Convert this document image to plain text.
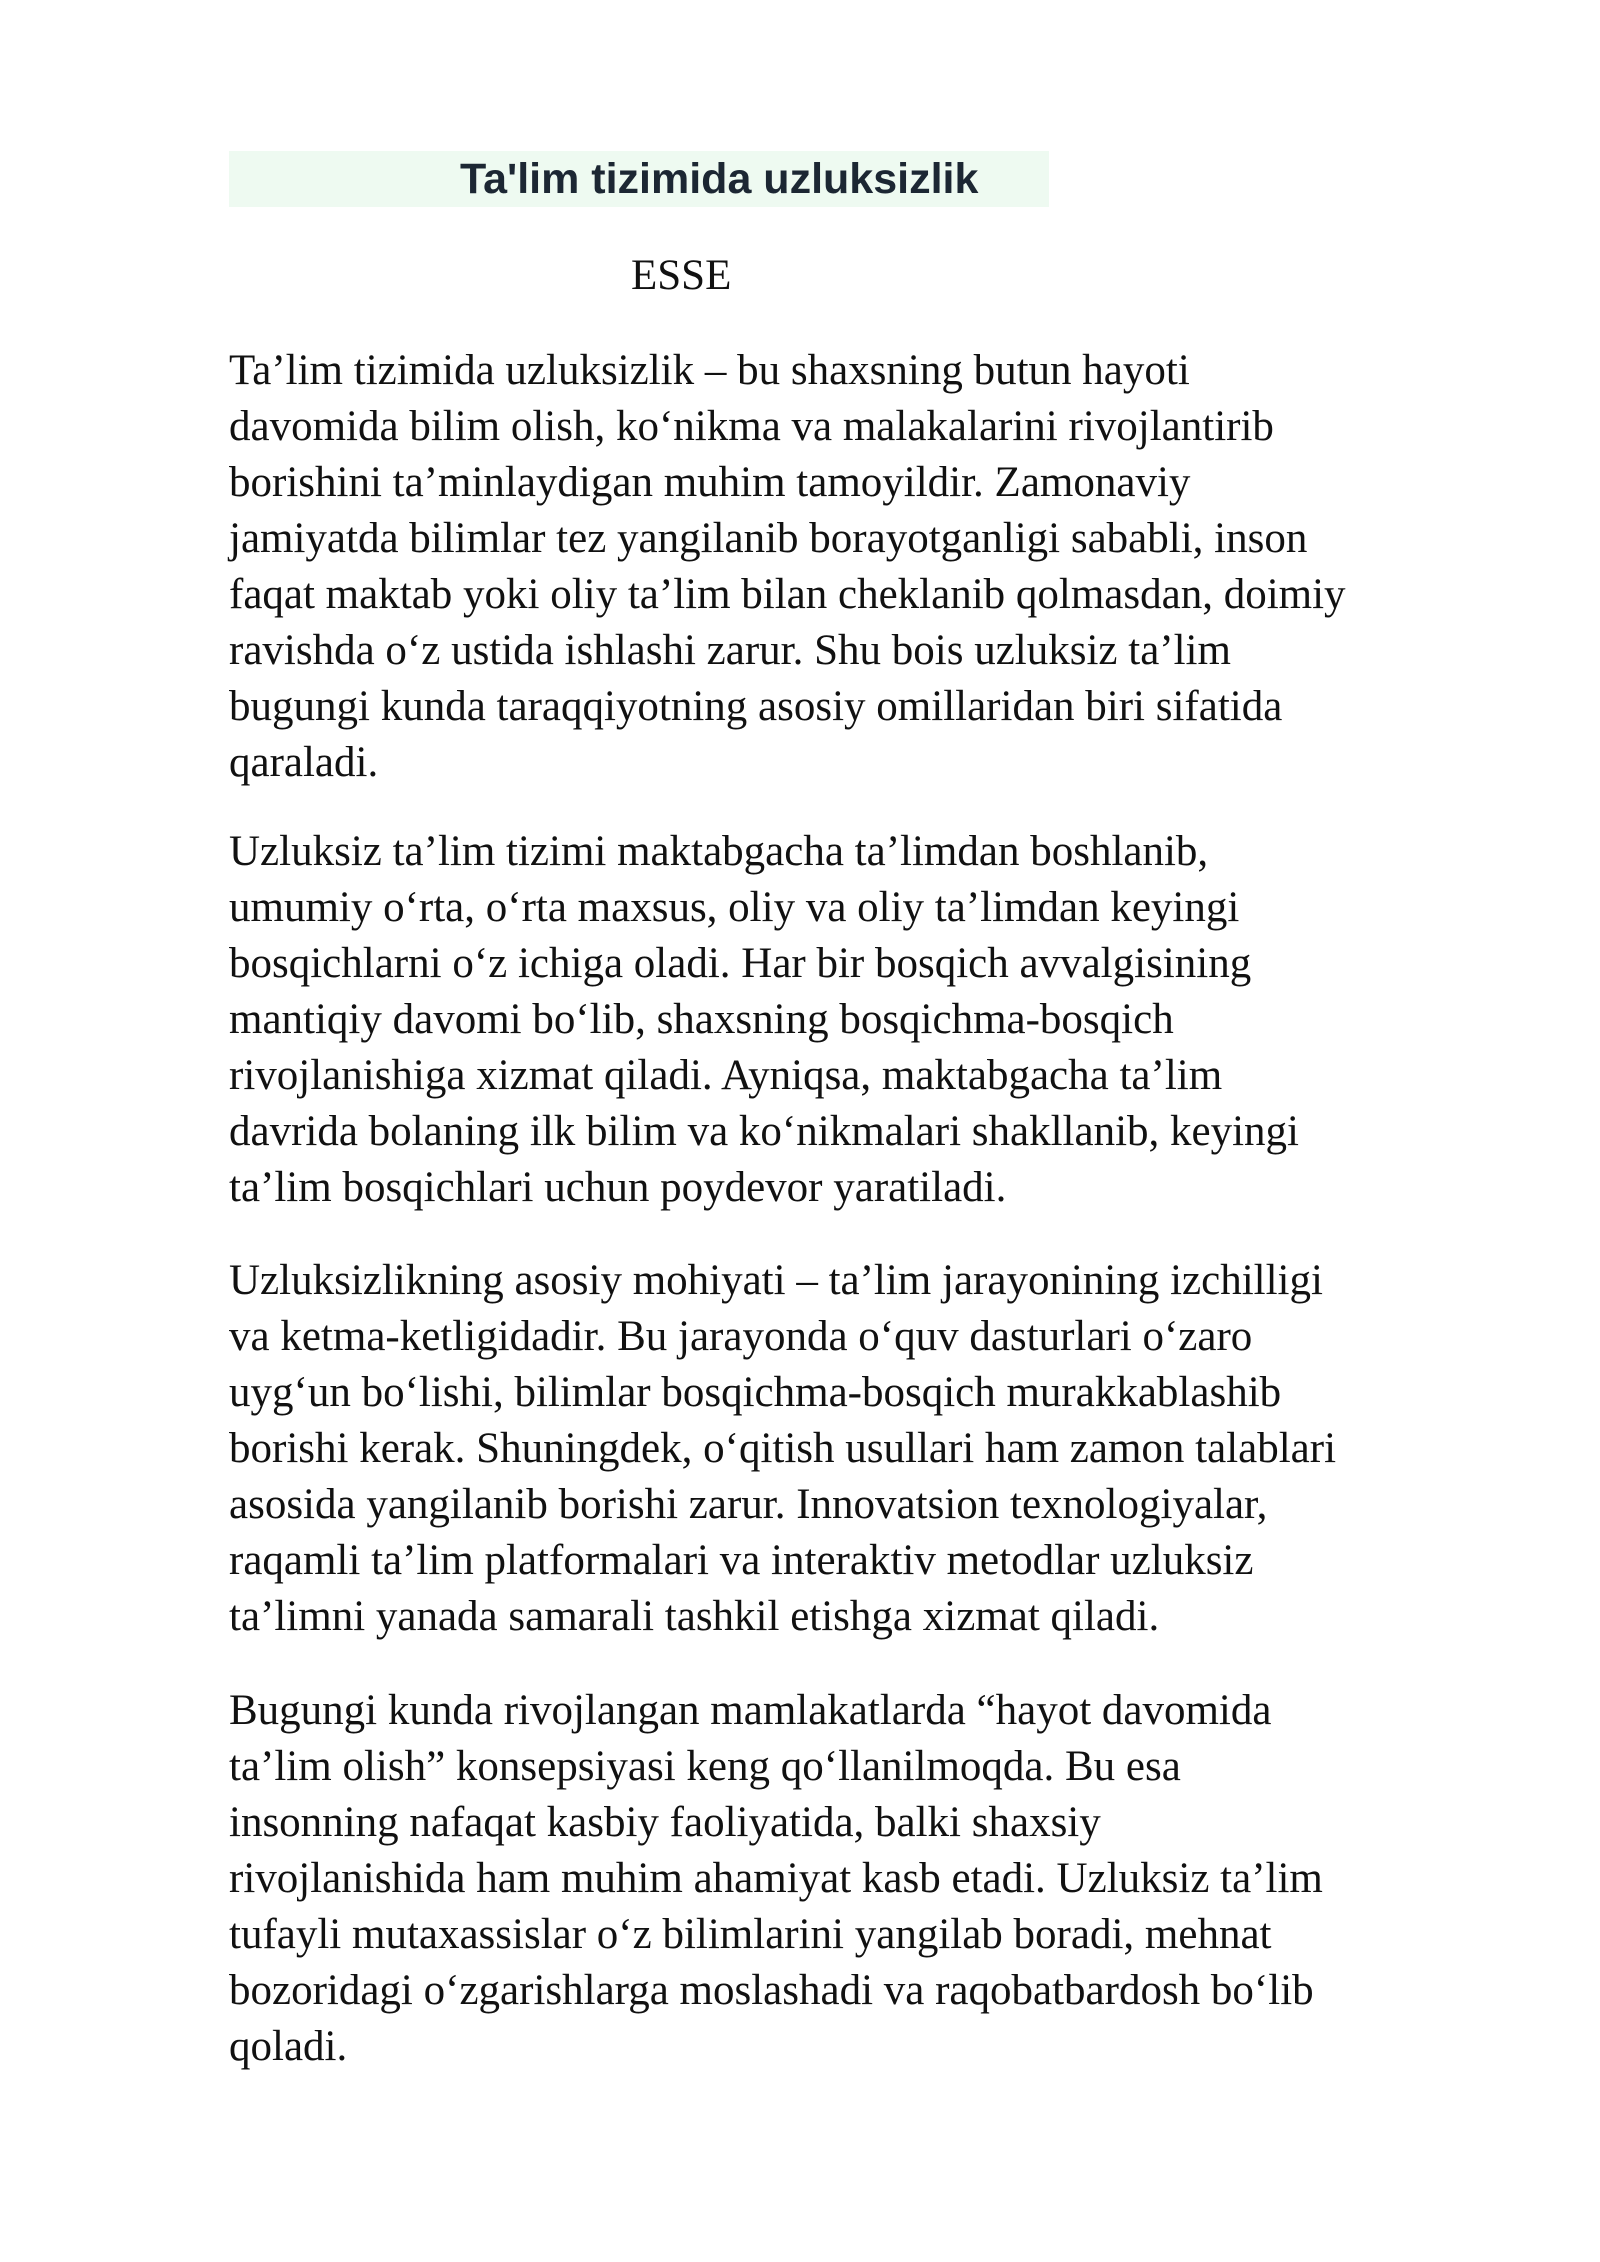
Ta'lim tizimida uzluksizlik
ESSE

Ta’lim tizimida uzluksizlik – bu shaxsning butun hayoti
davomida bilim olish, ko‘nikma va malakalarini rivojlantirib
borishini ta’minlaydigan muhim tamoyildir. Zamonaviy
jamiyatda bilimlar tez yangilanib borayotganligi sababli, inson
faqat maktab yoki oliy ta’lim bilan cheklanib qolmasdan, doimiy
ravishda o‘z ustida ishlashi zarur. Shu bois uzluksiz ta’lim
bugungi kunda taraqqiyotning asosiy omillaridan biri sifatida
qaraladi.

Uzluksiz ta’lim tizimi maktabgacha ta’limdan boshlanib,
umumiy o‘rta, o‘rta maxsus, oliy va oliy ta’limdan keyingi
bosqichlarni o‘z ichiga oladi. Har bir bosqich avvalgisining
mantiqiy davomi bo‘lib, shaxsning bosqichma-bosqich
rivojlanishiga xizmat qiladi. Ayniqsa, maktabgacha ta’lim
davrida bolaning ilk bilim va ko‘nikmalari shakllanib, keyingi
ta’lim bosqichlari uchun poydevor yaratiladi.

Uzluksizlikning asosiy mohiyati – ta’lim jarayonining izchilligi
va ketma-ketligidadir. Bu jarayonda o‘quv dasturlari o‘zaro
uyg‘un bo‘lishi, bilimlar bosqichma-bosqich murakkablashib
borishi kerak. Shuningdek, o‘qitish usullari ham zamon talablari
asosida yangilanib borishi zarur. Innovatsion texnologiyalar,
raqamli ta’lim platformalari va interaktiv metodlar uzluksiz
ta’limni yanada samarali tashkil etishga xizmat qiladi.

Bugungi kunda rivojlangan mamlakatlarda “hayot davomida
ta’lim olish” konsepsiyasi keng qo‘llanilmoqda. Bu esa
insonning nafaqat kasbiy faoliyatida, balki shaxsiy
rivojlanishida ham muhim ahamiyat kasb etadi. Uzluksiz ta’lim
tufayli mutaxassislar o‘z bilimlarini yangilab boradi, mehnat
bozoridagi o‘zgarishlarga moslashadi va raqobatbardosh bo‘lib
qoladi.
